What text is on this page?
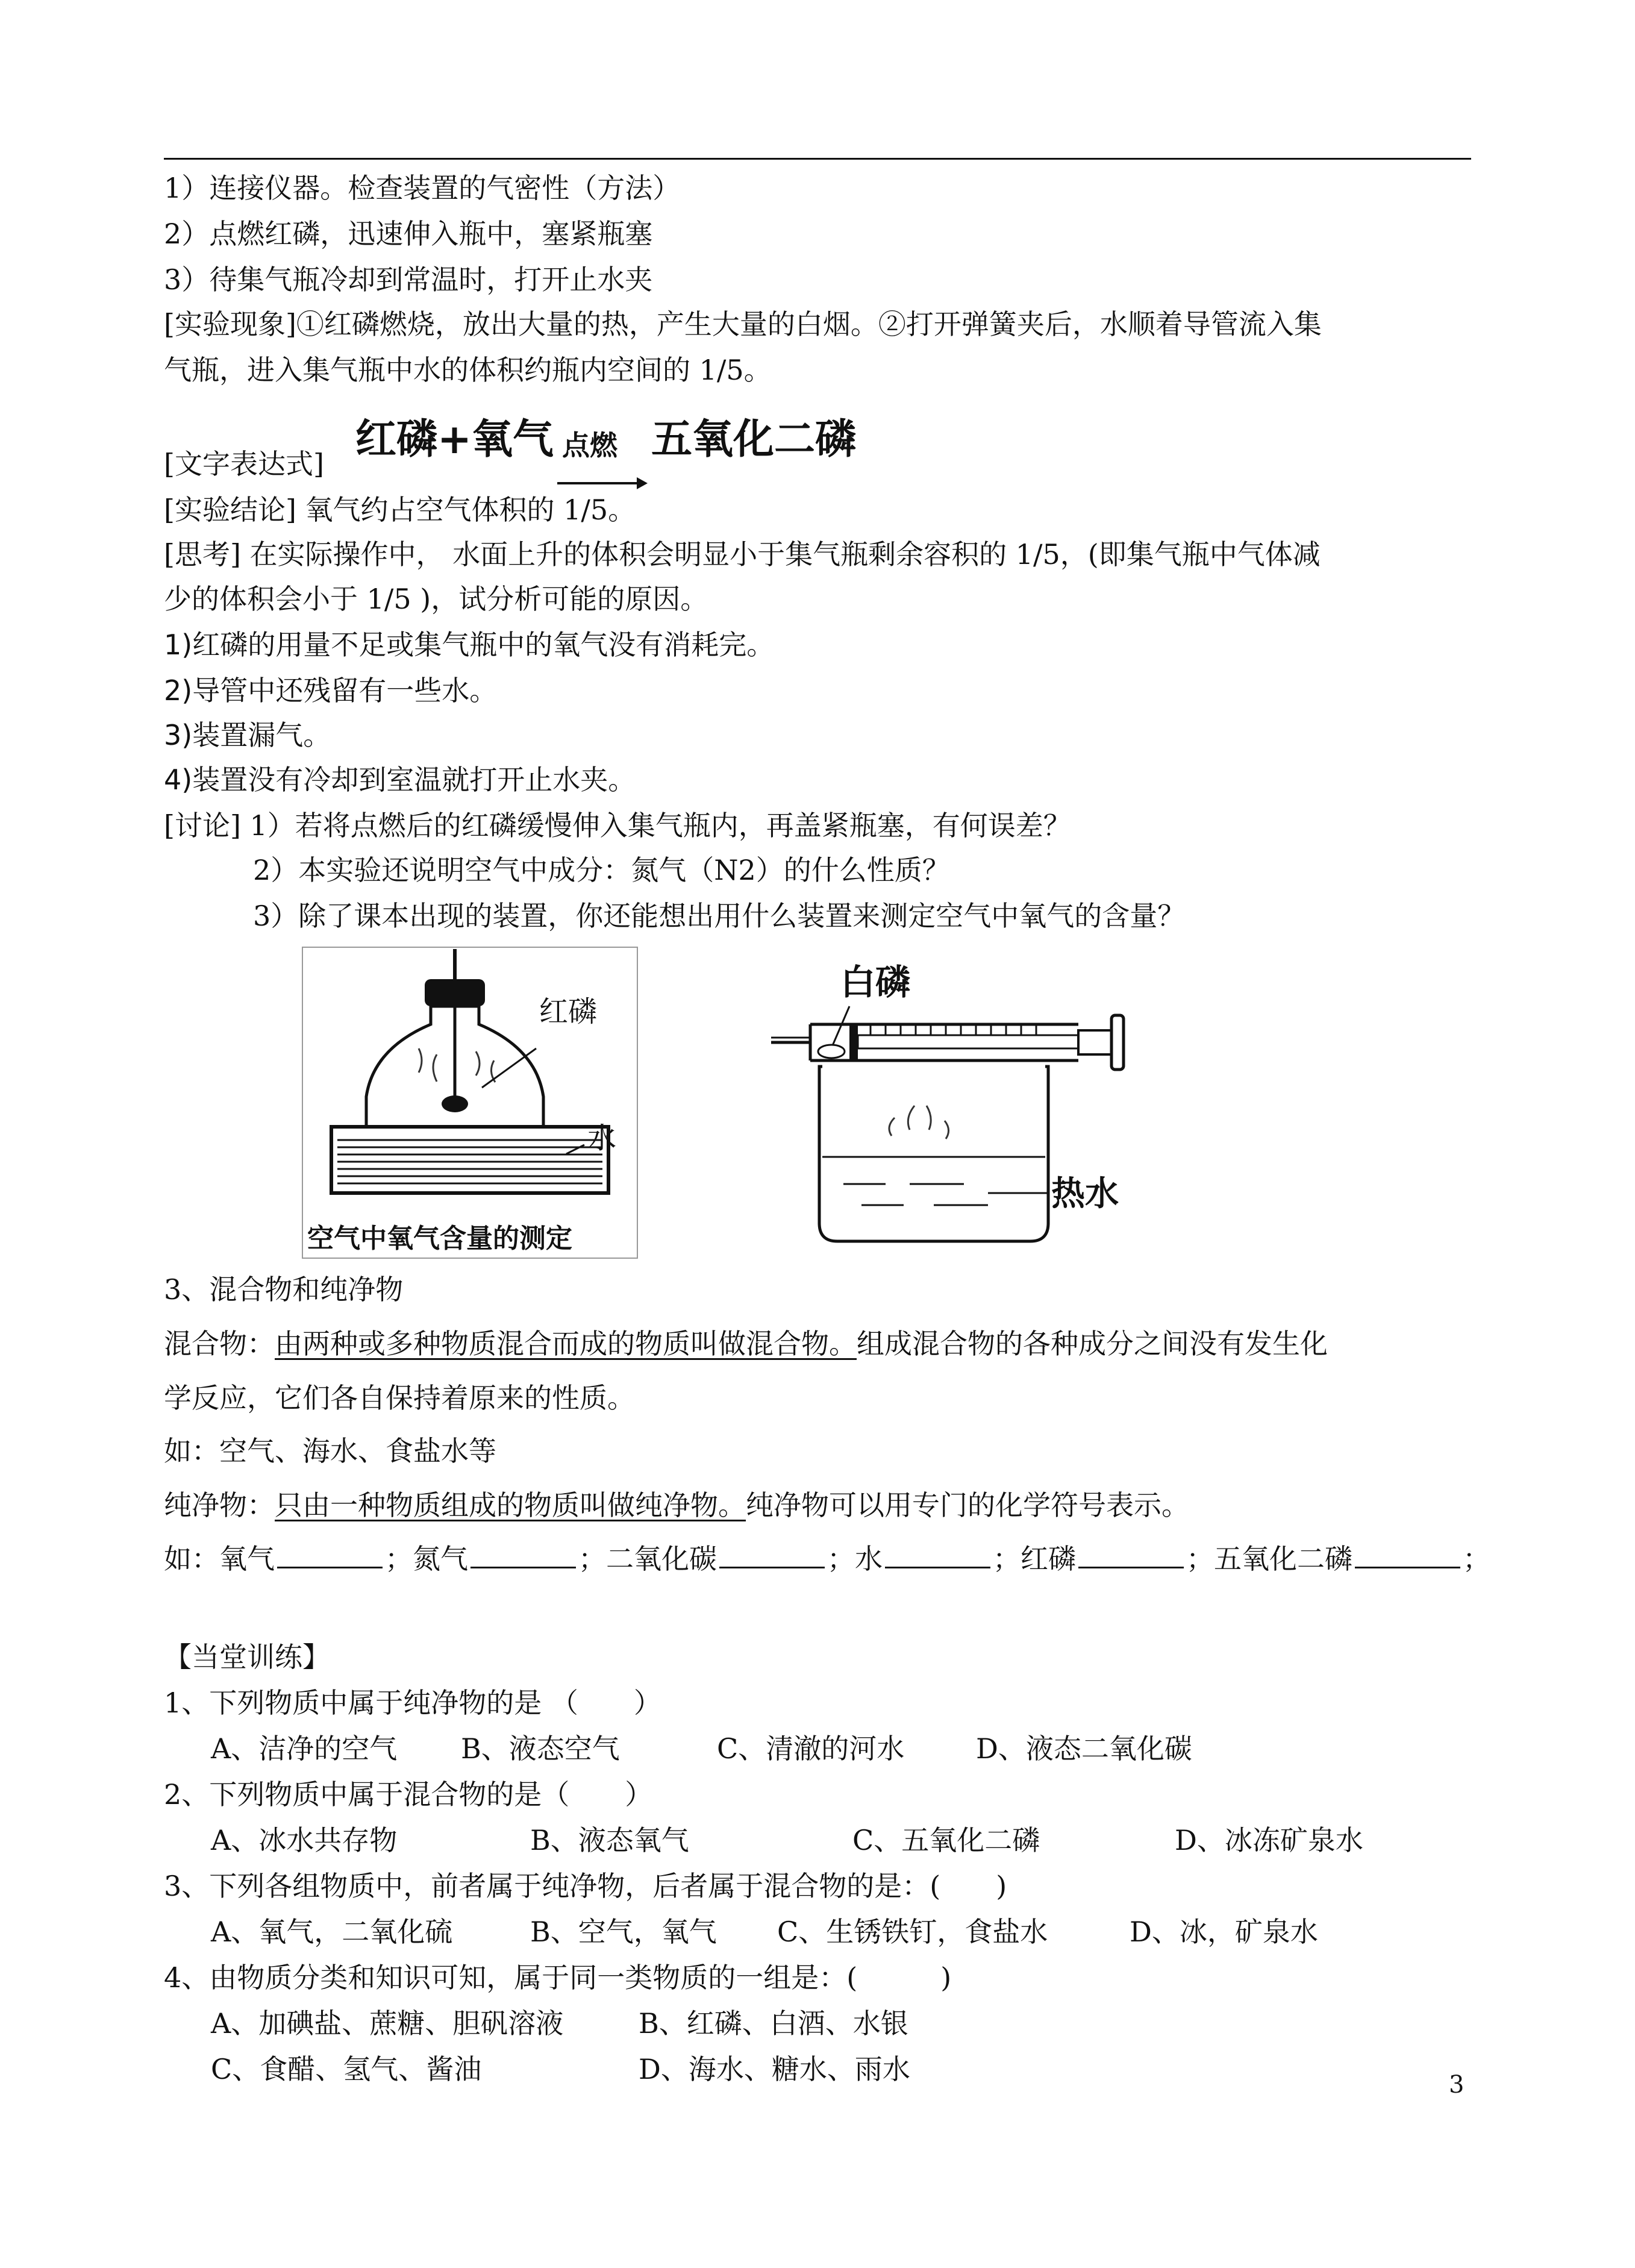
1）连接仪器。检查装置的气密性（方法）
2）点燃红磷，迅速伸入瓶中，塞紧瓶塞
3）待集气瓶冷却到常温时，打开止水夹
[实验现象]①红磷燃烧，放出大量的热，产生大量的白烟。②打开弹簧夹后，水顺着导管流入集
气瓶，进入集气瓶中水的体积约瓶内空间的 1/5。
[文字表达式]
红磷+氧气 点燃 五氧化二磷
[实验结论] 氧气约占空气体积的 1/5。
[思考] 在实际操作中， 水面上升的体积会明显小于集气瓶剩余容积的 1/5，(即集气瓶中气体减
少的体积会小于 1/5 )，试分析可能的原因。
1)红磷的用量不足或集气瓶中的氧气没有消耗完。
2)导管中还残留有一些水。
3)装置漏气。
4)装置没有冷却到室温就打开止水夹。
[讨论] 1）若将点燃后的红磷缓慢伸入集气瓶内，再盖紧瓶塞，有何误差？
2）本实验还说明空气中成分：氮气（N2）的什么性质？
3）除了课本出现的装置，你还能想出用什么装置来测定空气中氧气的含量？
红磷
水
空气中氧气含量的测定
白磷
热水
3、混合物和纯净物
混合物：由两种或多种物质混合而成的物质叫做混合物。组成混合物的各种成分之间没有发生化
学反应，它们各自保持着原来的性质。
如：空气、海水、食盐水等
纯净物：只由一种物质组成的物质叫做纯净物。纯净物可以用专门的化学符号表示。
如：氧气	；氮气	；二氧化碳	；水	；红磷	；五氧化二磷	；
【当堂训练】
1、下列物质中属于纯净物的是 （　　）
A、洁净的空气 B、液态空气	C、清澈的河水	D、液态二氧化碳
2、下列物质中属于混合物的是（　　）
A、冰水共存物	B、液态氧气	C、五氧化二磷	D、冰冻矿泉水
3、下列各组物质中，前者属于纯净物，后者属于混合物的是：(　　)
A、氧气，二氧化硫	B、空气，氧气 C、生锈铁钉，食盐水	D、冰，矿泉水
4、由物质分类和知识可知，属于同一类物质的一组是：(　　　)
A、加碘盐、蔗糖、胆矾溶液	B、红磷、白酒、水银
C、食醋、氢气、酱油	D、海水、糖水、雨水	3
